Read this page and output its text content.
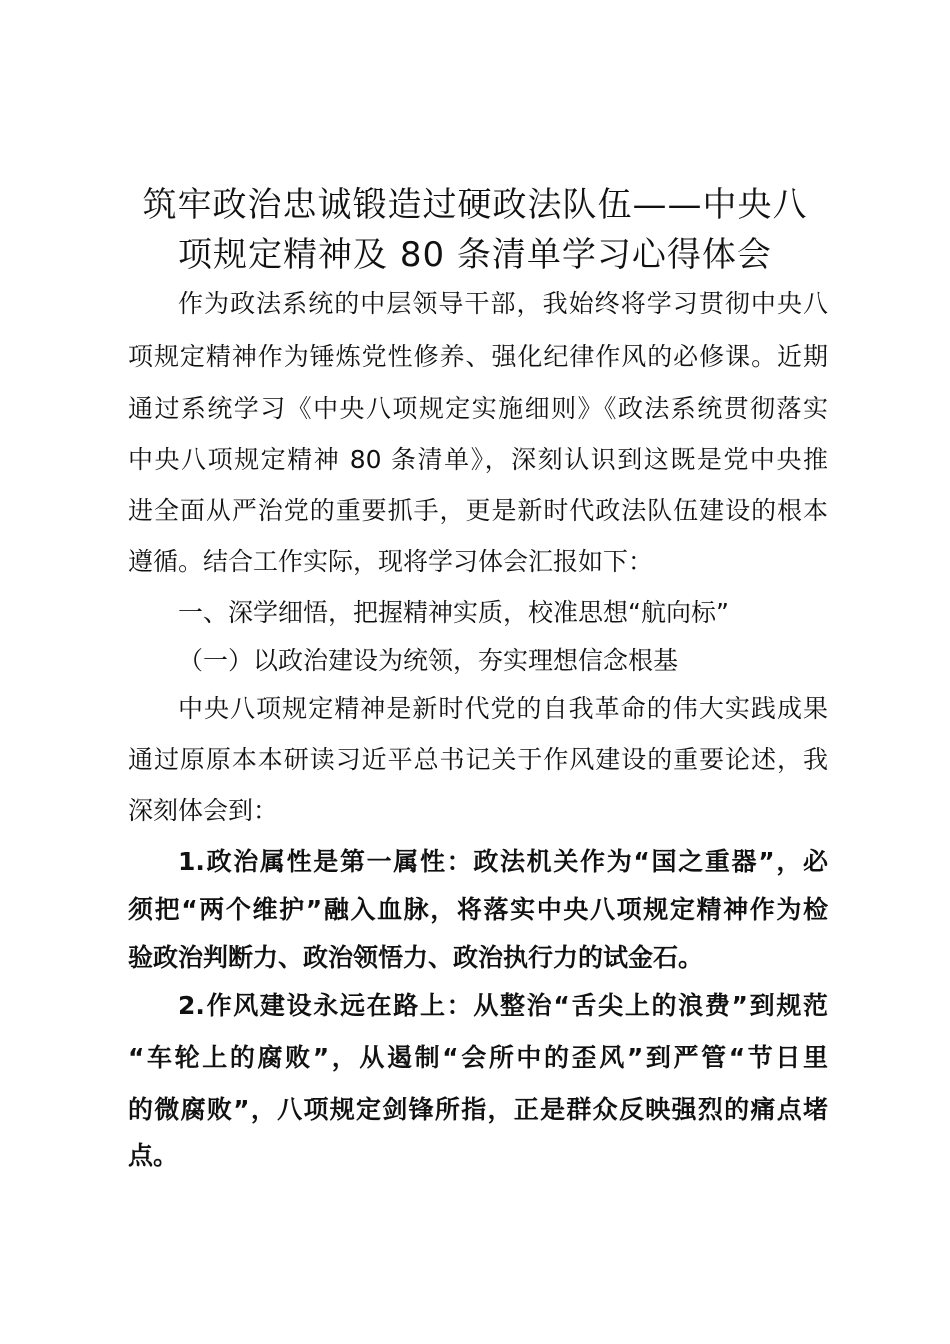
筑牢政治忠诚锻造过硬政法队伍——中央八
项规定精神及 80 条清单学习心得体会
作为政法系统的中层领导干部，我始终将学习贯彻中央八
项规定精神作为锤炼党性修养、强化纪律作风的必修课。近期
通过系统学习《中央八项规定实施细则》《政法系统贯彻落实
中央八项规定精神 80 条清单》，深刻认识到这既是党中央推
进全面从严治党的重要抓手，更是新时代政法队伍建设的根本
遵循。结合工作实际，现将学习体会汇报如下：
一、深学细悟，把握精神实质，校准思想“航向标”
（一）以政治建设为统领，夯实理想信念根基
中央八项规定精神是新时代党的自我革命的伟大实践成果
通过原原本本研读习近平总书记关于作风建设的重要论述，我
深刻体会到：
1.政治属性是第一属性：政法机关作为“国之重器”，必
须把“两个维护”融入血脉，将落实中央八项规定精神作为检
验政治判断力、政治领悟力、政治执行力的试金石。
2.作风建设永远在路上：从整治“舌尖上的浪费”到规范
“车轮上的腐败”，从遏制“会所中的歪风”到严管“节日里
的微腐败”，八项规定剑锋所指，正是群众反映强烈的痛点堵
点。
